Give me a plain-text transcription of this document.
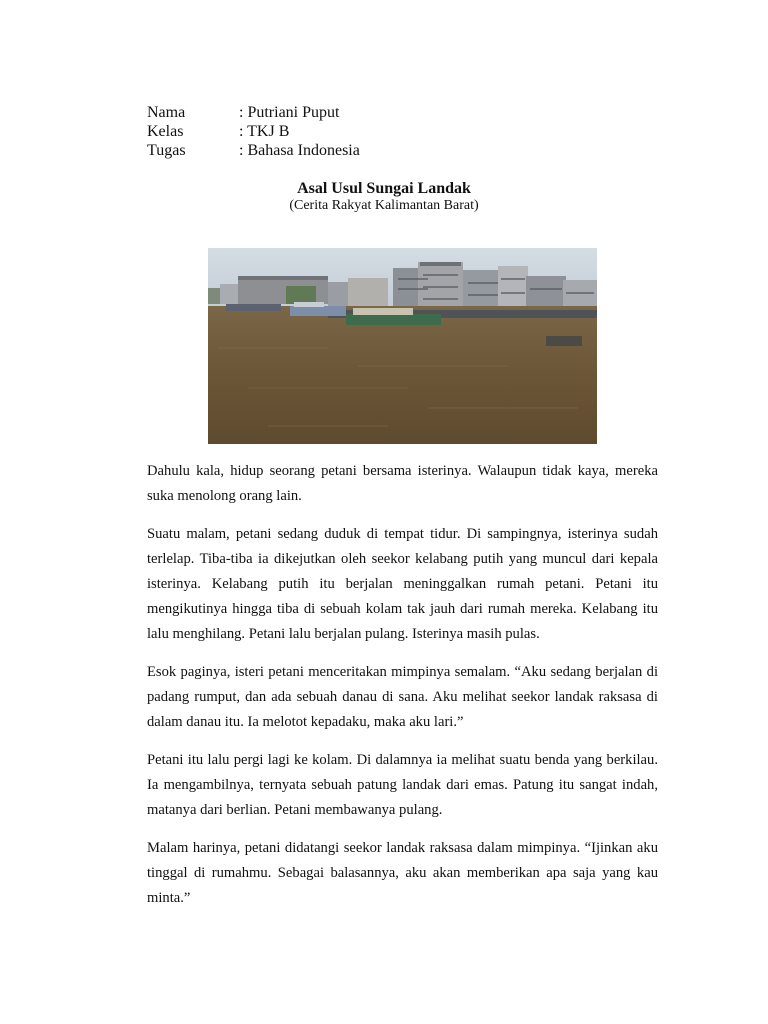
Nama	: Putriani Puput
Kelas	: TKJ B
Tugas	: Bahasa Indonesia
Asal Usul Sungai Landak
(Cerita Rakyat Kalimantan Barat)

Dahulu kala, hidup seorang petani bersama isterinya. Walaupun tidak kaya, mereka suka menolong orang lain.

Suatu malam, petani sedang duduk di tempat tidur. Di sampingnya, isterinya sudah terlelap. Tiba-tiba ia dikejutkan oleh seekor kelabang putih yang muncul dari kepala isterinya. Kelabang putih itu berjalan meninggalkan rumah petani. Petani itu mengikutinya hingga tiba di sebuah kolam tak jauh dari rumah mereka. Kelabang itu lalu menghilang. Petani lalu berjalan pulang. Isterinya masih pulas.

Esok paginya, isteri petani menceritakan mimpinya semalam. “Aku sedang berjalan di padang rumput, dan ada sebuah danau di sana. Aku melihat seekor landak raksasa di dalam danau itu. Ia melotot kepadaku, maka aku lari.”

Petani itu lalu pergi lagi ke kolam. Di dalamnya ia melihat suatu benda yang berkilau. Ia mengambilnya, ternyata sebuah patung landak dari emas. Patung itu sangat indah, matanya dari berlian. Petani membawanya pulang.

Malam harinya, petani didatangi seekor landak raksasa dalam mimpinya. “Ijinkan aku tinggal di rumahmu. Sebagai balasannya, aku akan memberikan apa saja yang kau minta.”
